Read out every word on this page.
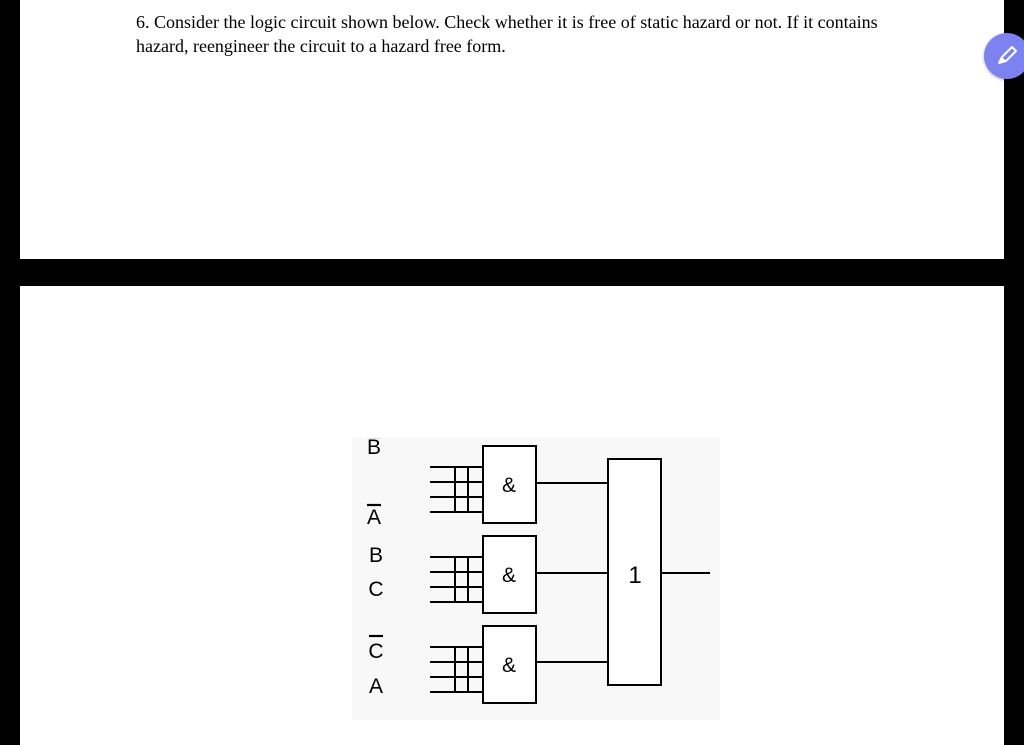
6. Consider the logic circuit shown below. Check whether it is free of static hazard or not. If it contains hazard, reengineer the circuit to a hazard free form.

B
A
B
C
C
A
&
&
&
1
